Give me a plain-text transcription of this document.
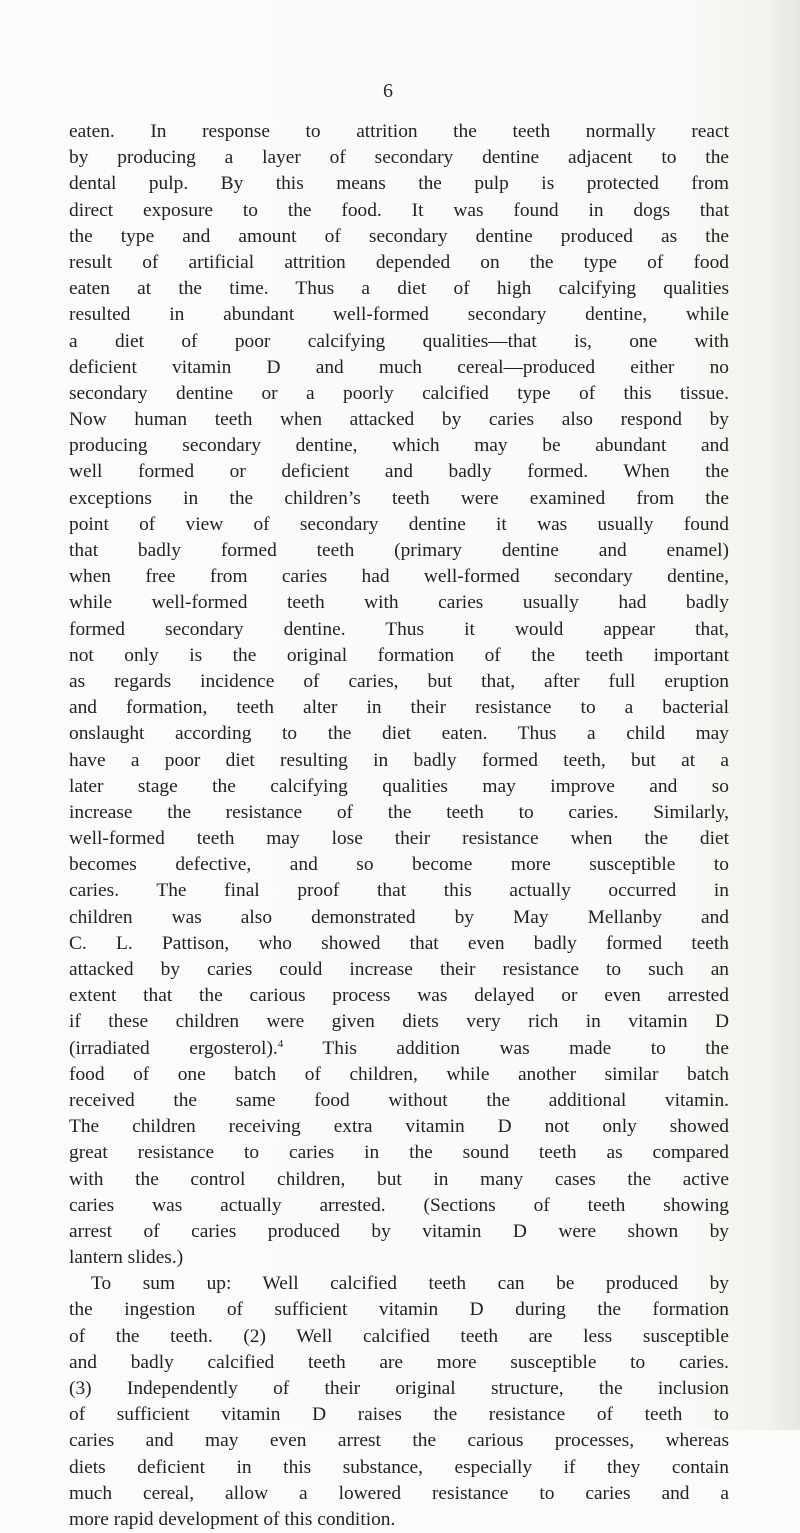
6
eaten. In response to attrition the teeth normally react
by producing a layer of secondary dentine adjacent to the
dental pulp. By this means the pulp is protected from
direct exposure to the food. It was found in dogs that
the type and amount of secondary dentine produced as the
result of artificial attrition depended on the type of food
eaten at the time. Thus a diet of high calcifying qualities
resulted in abundant well-formed secondary dentine, while
a diet of poor calcifying qualities—that is, one with
deficient vitamin D and much cereal—produced either no
secondary dentine or a poorly calcified type of this tissue.
Now human teeth when attacked by caries also respond by
producing secondary dentine, which may be abundant and
well formed or deficient and badly formed. When the
exceptions in the children’s teeth were examined from the
point of view of secondary dentine it was usually found
that badly formed teeth (primary dentine and enamel)
when free from caries had well-formed secondary dentine,
while well-formed teeth with caries usually had badly
formed secondary dentine. Thus it would appear that,
not only is the original formation of the teeth important
as regards incidence of caries, but that, after full eruption
and formation, teeth alter in their resistance to a bacterial
onslaught according to the diet eaten. Thus a child may
have a poor diet resulting in badly formed teeth, but at a
later stage the calcifying qualities may improve and so
increase the resistance of the teeth to caries. Similarly,
well-formed teeth may lose their resistance when the diet
becomes defective, and so become more susceptible to
caries. The final proof that this actually occurred in
children was also demonstrated by May Mellanby and
C. L. Pattison, who showed that even badly formed teeth
attacked by caries could increase their resistance to such an
extent that the carious process was delayed or even arrested
if these children were given diets very rich in vitamin D
(irradiated ergosterol).$^4$ This addition was made to the
food of one batch of children, while another similar batch
received the same food without the additional vitamin.
The children receiving extra vitamin D not only showed
great resistance to caries in the sound teeth as compared
with the control children, but in many cases the active
caries was actually arrested. (Sections of teeth showing
arrest of caries produced by vitamin D were shown by
lantern slides.)
To sum up: Well calcified teeth can be produced by
the ingestion of sufficient vitamin D during the formation
of the teeth. (2) Well calcified teeth are less susceptible
and badly calcified teeth are more susceptible to caries.
(3) Independently of their original structure, the inclusion
of sufficient vitamin D raises the resistance of teeth to
caries and may even arrest the carious processes, whereas
diets deficient in this substance, especially if they contain
much cereal, allow a lowered resistance to caries and a
more rapid development of this condition.
